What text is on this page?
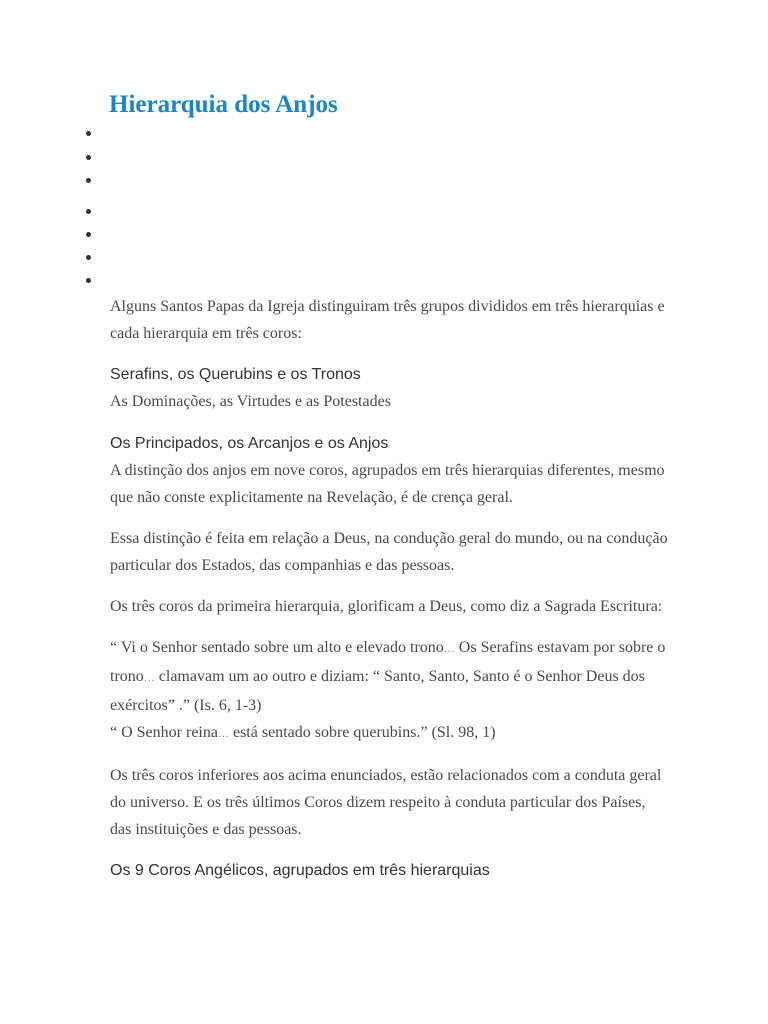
Hierarquia dos Anjos

Alguns Santos Papas da Igreja distinguiram três grupos divididos em três hierarquias e cada hierarquia em três coros:

Serafins, os Querubins e os Tronos

As Dominações, as Virtudes e as Potestades

Os Principados, os Arcanjos e os Anjos

A distinção dos anjos em nove coros, agrupados em três hierarquias diferentes, mesmo que não conste explicitamente na Revelação, é de crença geral.

Essa distinção é feita em relação a Deus, na condução geral do mundo, ou na condução particular dos Estados, das companhias e das pessoas.

Os três coros da primeira hierarquia, glorificam a Deus, como diz a Sagrada Escritura:

“ Vi o Senhor sentado sobre um alto e elevado trono… Os Serafins estavam por sobre o trono… clamavam um ao outro e diziam: “ Santo, Santo, Santo é o Senhor Deus dos exércitos” .” (Is. 6, 1-3)

“ O Senhor reina… está sentado sobre querubins.” (Sl. 98, 1)

Os três coros inferiores aos acima enunciados, estão relacionados com a conduta geral do universo. E os três últimos Coros dizem respeito à conduta particular dos Países, das instituições e das pessoas.

Os 9 Coros Angélicos, agrupados em três hierarquias
